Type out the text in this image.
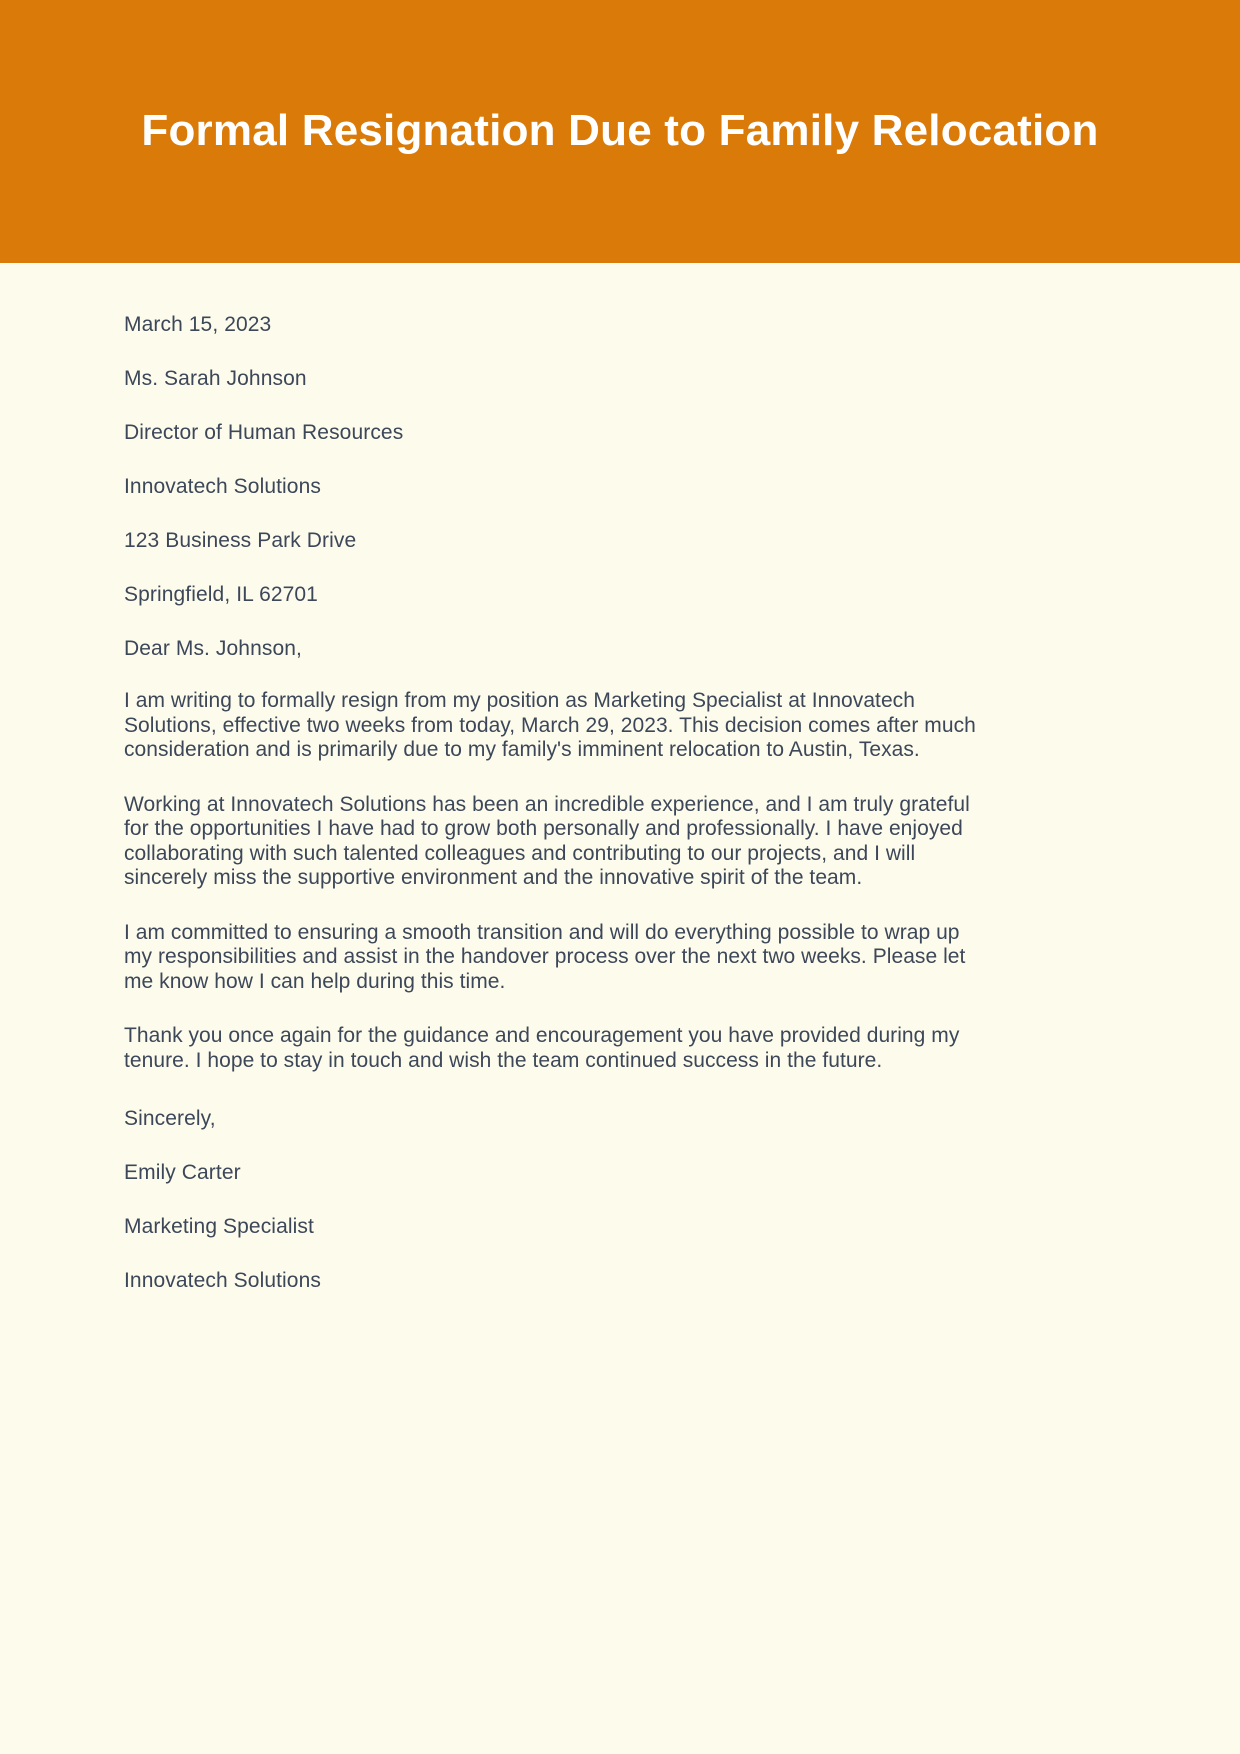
Formal Resignation Due to Family Relocation

March 15, 2023

Ms. Sarah Johnson

Director of Human Resources

Innovatech Solutions

123 Business Park Drive

Springfield, IL 62701

Dear Ms. Johnson,

I am writing to formally resign from my position as Marketing Specialist at Innovatech Solutions, effective two weeks from today, March 29, 2023. This decision comes after much consideration and is primarily due to my family's imminent relocation to Austin, Texas.

Working at Innovatech Solutions has been an incredible experience, and I am truly grateful for the opportunities I have had to grow both personally and professionally. I have enjoyed collaborating with such talented colleagues and contributing to our projects, and I will sincerely miss the supportive environment and the innovative spirit of the team.

I am committed to ensuring a smooth transition and will do everything possible to wrap up my responsibilities and assist in the handover process over the next two weeks. Please let me know how I can help during this time.

Thank you once again for the guidance and encouragement you have provided during my tenure. I hope to stay in touch and wish the team continued success in the future.

Sincerely,

Emily Carter

Marketing Specialist

Innovatech Solutions
